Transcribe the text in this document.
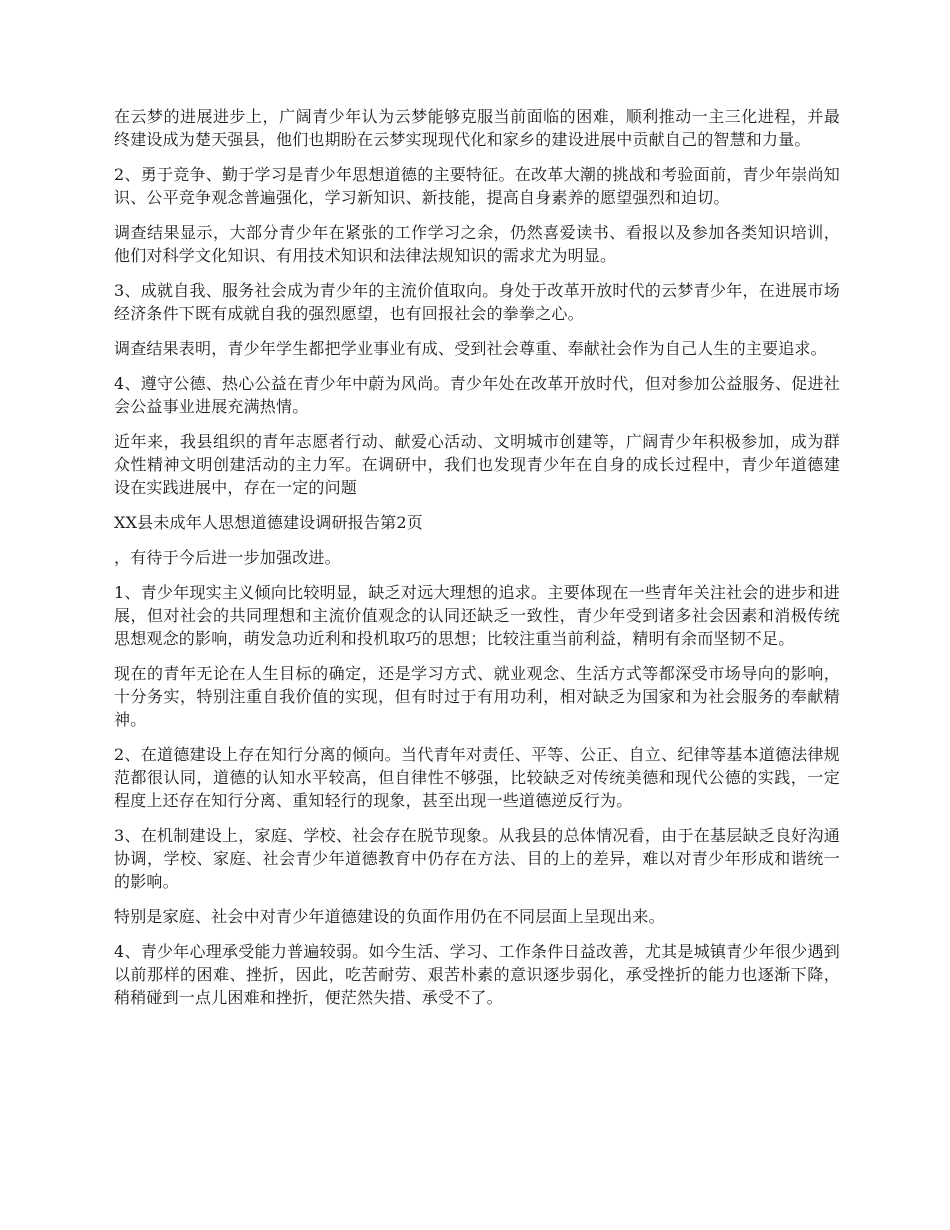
在云梦的进展进步上，广阔青少年认为云梦能够克服当前面临的困难，顺利推动一主三化进程，并最终建设成为楚天强县，他们也期盼在云梦实现现代化和家乡的建设进展中贡献自己的智慧和力量。

2、勇于竞争、勤于学习是青少年思想道德的主要特征。在改革大潮的挑战和考验面前，青少年崇尚知识、公平竞争观念普遍强化，学习新知识、新技能，提高自身素养的愿望强烈和迫切。

调查结果显示，大部分青少年在紧张的工作学习之余，仍然喜爱读书、看报以及参加各类知识培训，他们对科学文化知识、有用技术知识和法律法规知识的需求尤为明显。

3、成就自我、服务社会成为青少年的主流价值取向。身处于改革开放时代的云梦青少年，在进展市场经济条件下既有成就自我的强烈愿望，也有回报社会的拳拳之心。

调查结果表明，青少年学生都把学业事业有成、受到社会尊重、奉献社会作为自己人生的主要追求。

4、遵守公德、热心公益在青少年中蔚为风尚。青少年处在改革开放时代，但对参加公益服务、促进社会公益事业进展充满热情。

近年来，我县组织的青年志愿者行动、献爱心活动、文明城市创建等，广阔青少年积极参加，成为群众性精神文明创建活动的主力军。在调研中，我们也发现青少年在自身的成长过程中，青少年道德建设在实践进展中，存在一定的问题

XX县未成年人思想道德建设调研报告第2页

，有待于今后进一步加强改进。

1、青少年现实主义倾向比较明显，缺乏对远大理想的追求。主要体现在一些青年关注社会的进步和进展，但对社会的共同理想和主流价值观念的认同还缺乏一致性，青少年受到诸多社会因素和消极传统思想观念的影响，萌发急功近利和投机取巧的思想；比较注重当前利益，精明有余而坚韧不足。

现在的青年无论在人生目标的确定，还是学习方式、就业观念、生活方式等都深受市场导向的影响，十分务实，特别注重自我价值的实现，但有时过于有用功利，相对缺乏为国家和为社会服务的奉献精神。

2、在道德建设上存在知行分离的倾向。当代青年对责任、平等、公正、自立、纪律等基本道德法律规范都很认同，道德的认知水平较高，但自律性不够强，比较缺乏对传统美德和现代公德的实践，一定程度上还存在知行分离、重知轻行的现象，甚至出现一些道德逆反行为。

3、在机制建设上，家庭、学校、社会存在脱节现象。从我县的总体情况看，由于在基层缺乏良好沟通协调，学校、家庭、社会青少年道德教育中仍存在方法、目的上的差异，难以对青少年形成和谐统一的影响。

特别是家庭、社会中对青少年道德建设的负面作用仍在不同层面上呈现出来。

4、青少年心理承受能力普遍较弱。如今生活、学习、工作条件日益改善，尤其是城镇青少年很少遇到以前那样的困难、挫折，因此，吃苦耐劳、艰苦朴素的意识逐步弱化，承受挫折的能力也逐渐下降，稍稍碰到一点儿困难和挫折，便茫然失措、承受不了。
